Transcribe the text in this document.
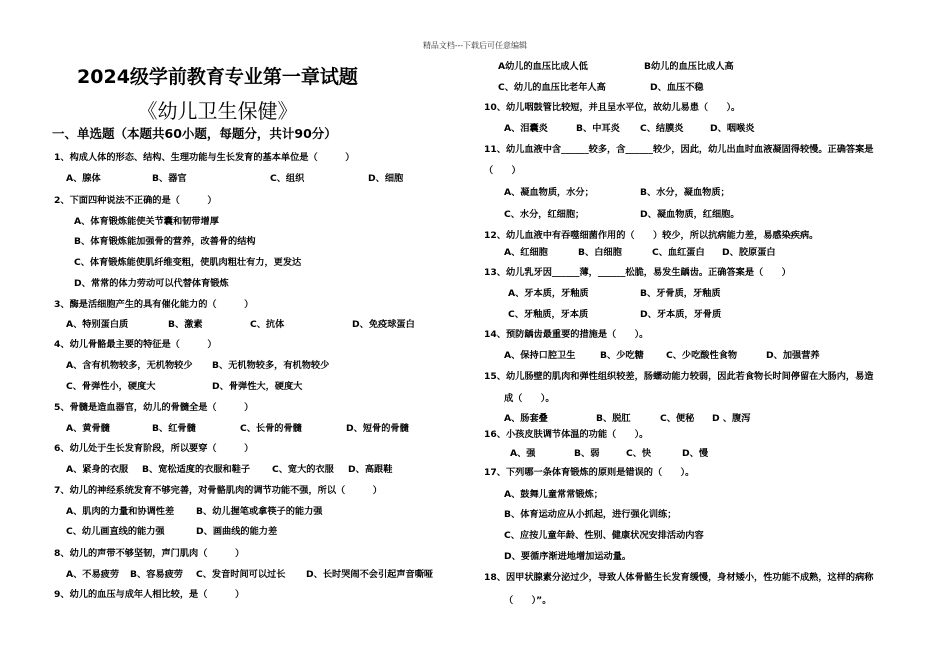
精品文档---下载后可任意编辑
2024级学前教育专业第一章试题
《幼儿卫生保健》
一、单选题（本题共60小题，每题分，共计90分）
1、构成人体的形态、结构、生理功能与生长发育的基本单位是（　　　）
A、腺体	B、器官	C、组织	D、细胞
2、下面四种说法不正确的是（　　　）
A、体育锻炼能使关节囊和韧带增厚
B、体育锻炼能加强骨的营养，改善骨的结构
C、体育锻炼能使肌纤维变粗，使肌肉粗壮有力，更发达
D、常常的体力劳动可以代替体育锻炼
3、酶是活细胞产生的具有催化能力的（　　　）
A、特别蛋白质	B、激素	C、抗体	D、免疫球蛋白
4、幼儿骨骼最主要的特征是（　　　）
A、含有机物较多，无机物较少 B、无机物较多，有机物较少
C、骨弹性小，硬度大	D、骨弹性大，硬度大
5、骨髓是造血器官，幼儿的骨髓全是（　　　）
A、黄骨髓	B、红骨髓	C、长骨的骨髓	D、短骨的骨髓
6、幼儿处于生长发育阶段，所以要穿（　　　）
A、紧身的衣服 B、宽松适度的衣服和鞋子 C、宽大的衣服 D、高跟鞋
7、幼儿的神经系统发育不够完善，对骨骼肌肉的调节功能不强，所以（　　　）
A、肌肉的力量和协调性差 B、幼儿握笔或拿筷子的能力强
C、幼儿画直线的能力强	D、画曲线的能力差
8、幼儿的声带不够坚韧，声门肌肉（　　　）
A、不易疲劳 B、容易疲劳 C、发音时间可以过长 D、长时哭闹不会引起声音嘶哑
9、幼儿的血压与成年人相比较，是（　　　）
A幼儿的血压比成人低	B幼儿的血压比成人高
C、幼儿的血压比老年人高	D、血压不稳
10、幼儿咽鼓管比较短，并且呈水平位，故幼儿易患（　　）。
A、泪囊炎	B、中耳炎 C、结膜炎	D、咽喉炎
11、幼儿血液中含______较多，含______较少，因此，幼儿出血时血液凝固得较慢。正确答案是
（　　）
A、凝血物质，水分；	B、水分，凝血物质；
C、水分，红细胞；	D、凝血物质，红细胞。
12、幼儿血液中有吞噬细菌作用的（　　）较少，所以抗病能力差，易感染疾病。
A、红细胞	B、白细胞	C、血红蛋白 D、胶原蛋白
13、幼儿乳牙因______薄，______松脆，易发生龋齿。正确答案是（　　）
A、牙本质，牙釉质	B、牙骨质，牙釉质
C、牙釉质，牙本质	D、牙本质，牙骨质
14、预防龋齿最重要的措施是（　　）。
A、保持口腔卫生	B、少吃糖 C、少吃酸性食物	D、加强营养
15、幼儿肠壁的肌肉和弹性组织较差，肠蠕动能力较弱，因此若食物长时间停留在大肠内，易造
成（　　）。
A、肠套叠	B、脱肛	C、便秘 D 、腹泻
16、小孩皮肤调节体温的功能（　　）。
A、强	B、弱	C、快	D、慢
17、下列哪一条体育锻炼的原则是错误的（　　）。
A、鼓舞儿童常常锻炼；
B、体育运动应从小抓起，进行强化训练；
C、应按儿童年龄、性别、健康状况安排活动内容
D、要循序渐进地增加运动量。
18、因甲状腺素分泌过少，导致人体骨骼生长发育缓慢，身材矮小，性功能不成熟，这样的病称
（　　）”。
